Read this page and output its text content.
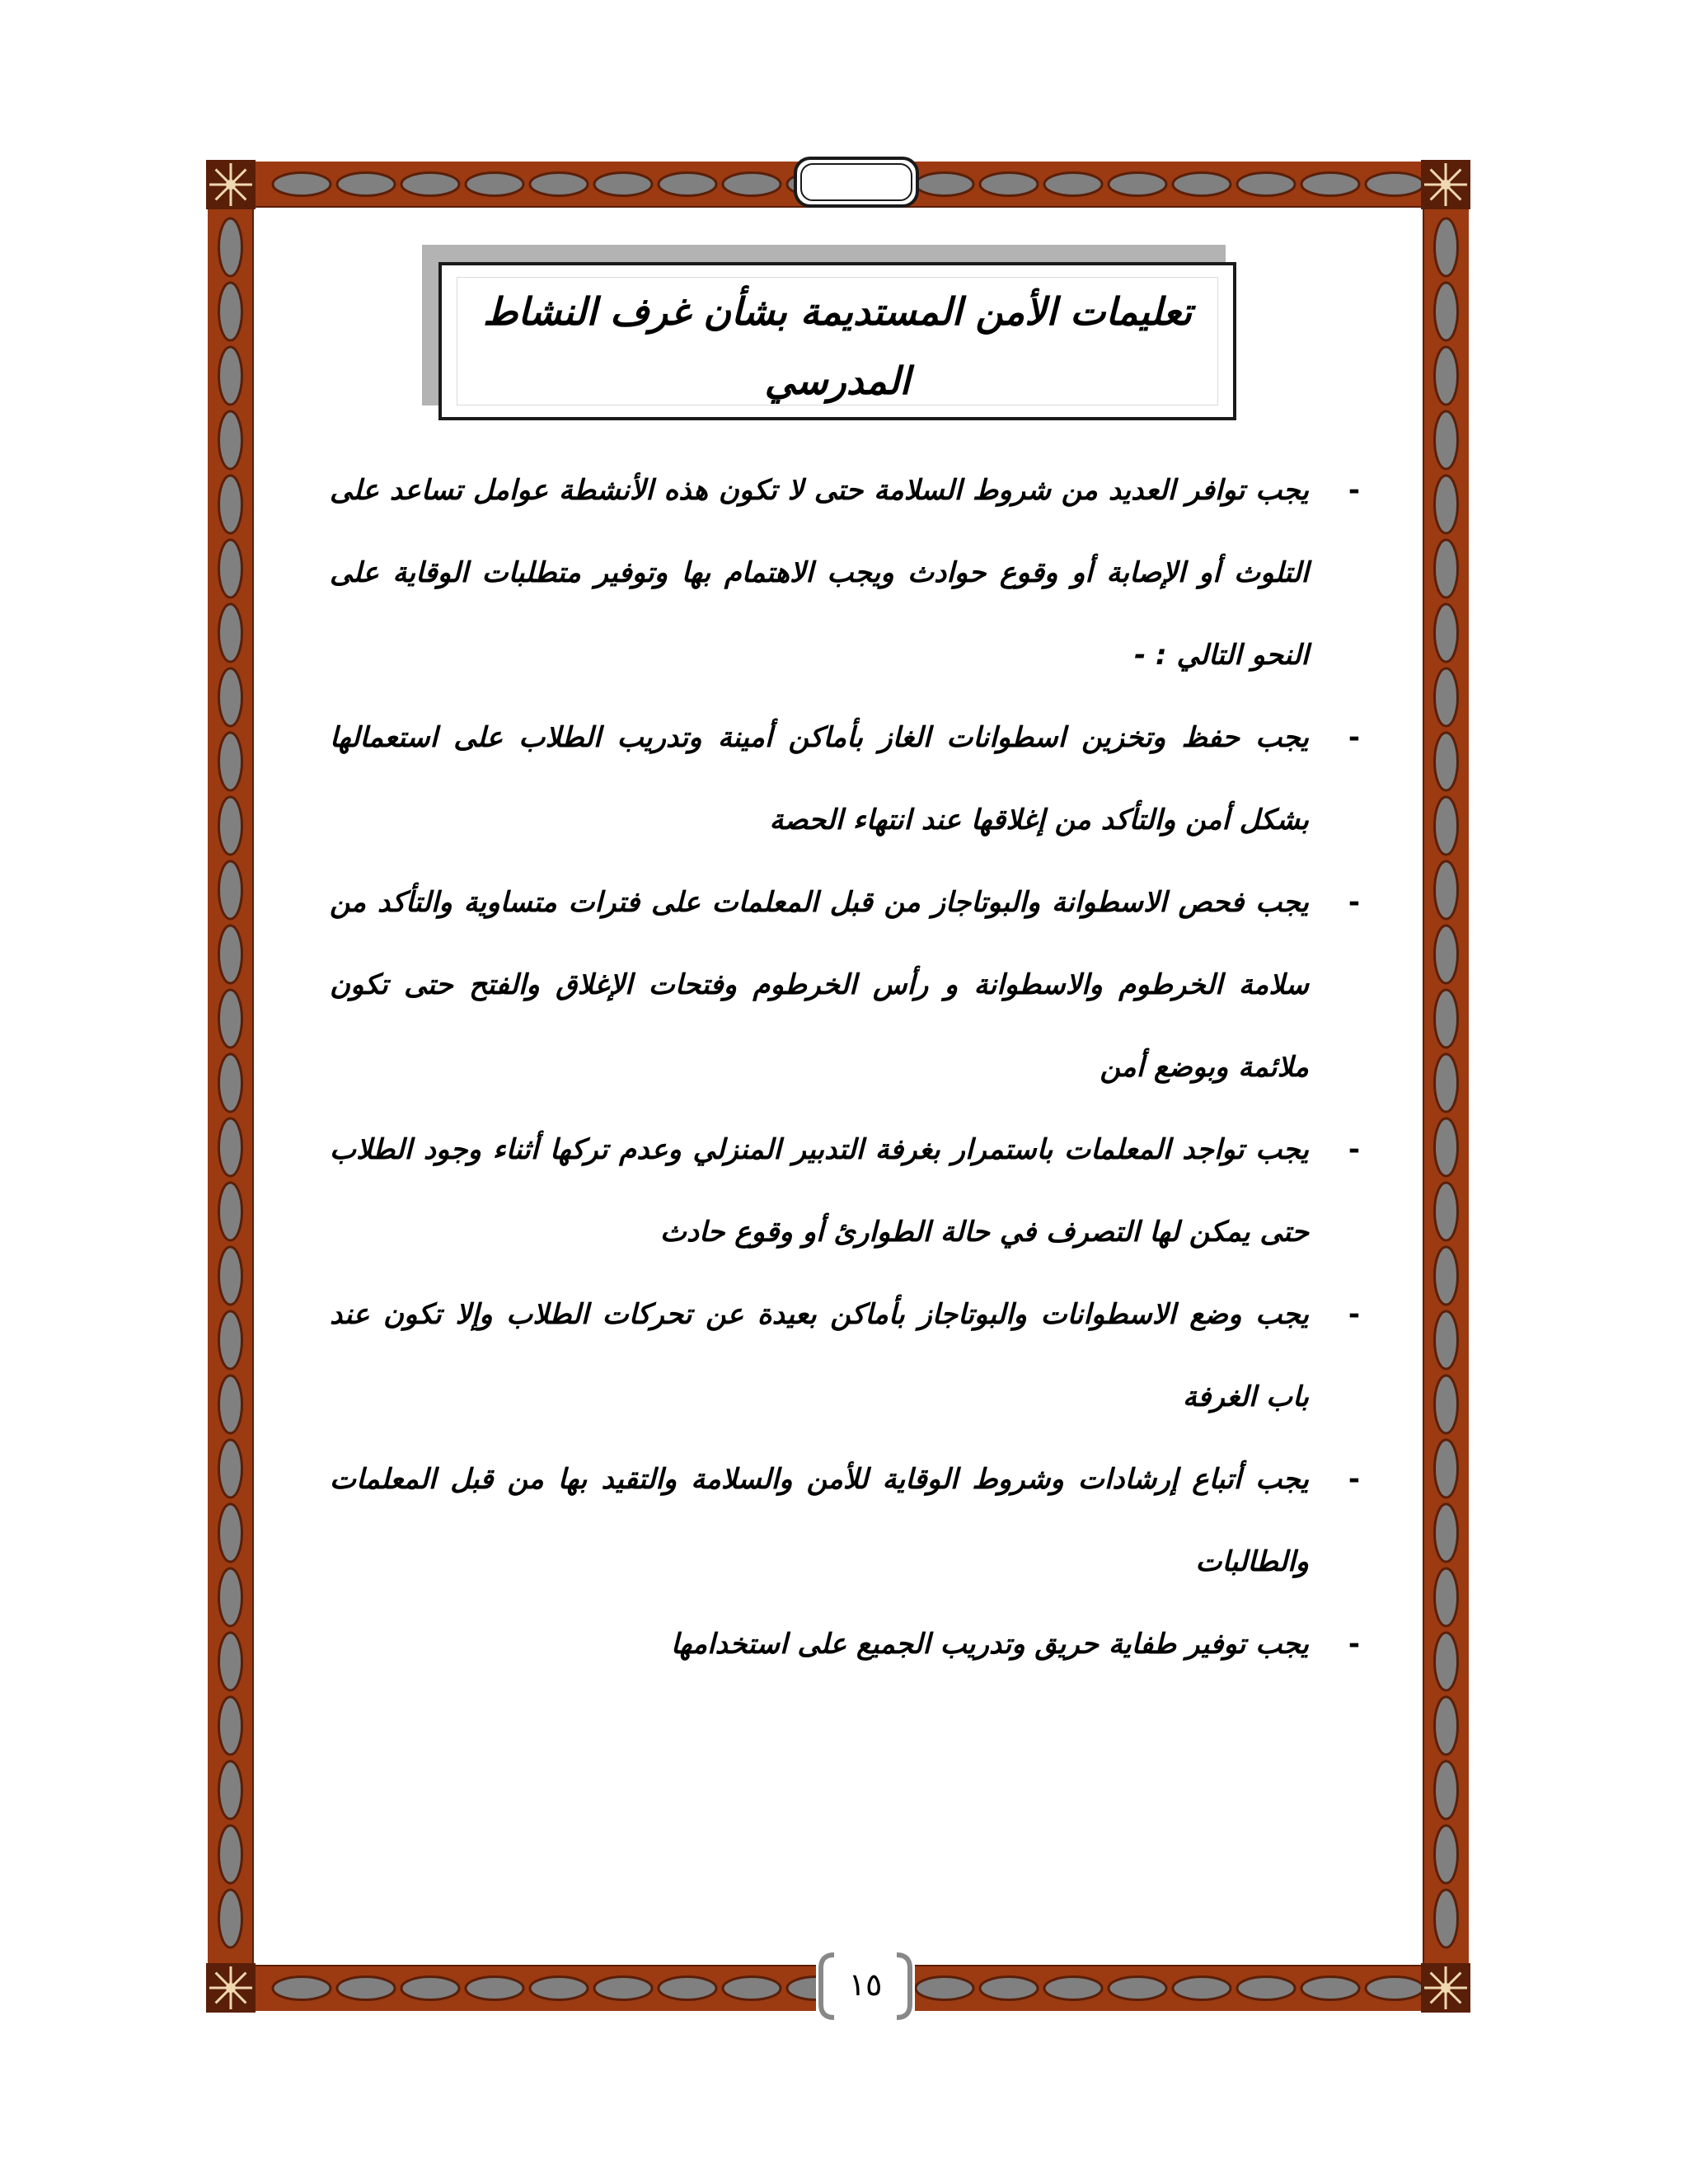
تعليمات الأمن المستديمة بشأن غرف النشاط المدرسي
-
يجب توافر العديد من شروط السلامة حتى لا تكون هذه الأنشطة عوامل تساعد على التلوث أو الإصابة أو وقوع حوادث ويجب الاهتمام بها وتوفير متطلبات الوقاية على النحو التالي : -
-
يجب حفظ وتخزين اسطوانات الغاز بأماكن أمينة وتدريب الطلاب على استعمالها بشكل أمن والتأكد من إغلاقها عند انتهاء الحصة
-
يجب فحص الاسطوانة والبوتاجاز من قبل المعلمات على فترات متساوية والتأكد من سلامة الخرطوم والاسطوانة و رأس الخرطوم وفتحات الإغلاق والفتح حتى تكون ملائمة وبوضع أمن
-
يجب تواجد المعلمات باستمرار بغرفة التدبير المنزلي وعدم تركها أثناء وجود الطلاب حتى يمكن لها التصرف في حالة الطوارئ أو وقوع حادث
-
يجب وضع الاسطوانات والبوتاجاز بأماكن بعيدة عن تحركات الطلاب وإلا تكون عند باب الغرفة
-
يجب أتباع إرشادات وشروط الوقاية للأمن والسلامة والتقيد بها من قبل المعلمات والطالبات
-
يجب توفير طفاية حريق وتدريب الجميع على استخدامها
١٥
